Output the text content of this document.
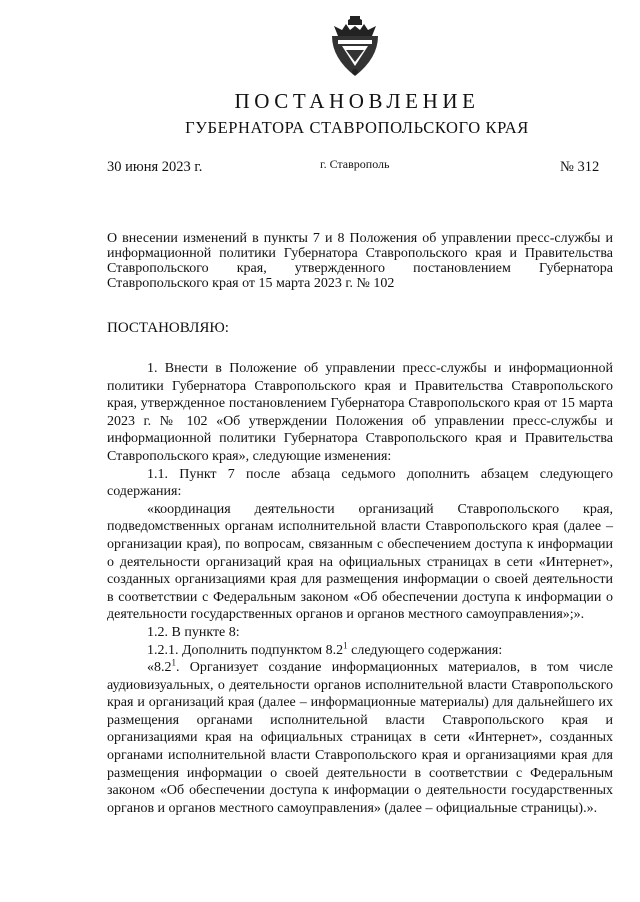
ПОСТАНОВЛЕНИЕ
ГУБЕРНАТОРА СТАВРОПОЛЬСКОГО КРАЯ
30 июня 2023 г.	г. Ставрополь	№ 312
О внесении изменений в пункты 7 и 8 Положения об управлении пресс-службы и информационной политики Губернатора Ставропольского края и Правительства Ставропольского края, утвержденного постановлением Губернатора Ставропольского края от 15 марта 2023 г. № 102
ПОСТАНОВЛЯЮ:

1. Внести в Положение об управлении пресс-службы и информационной политики Губернатора Ставропольского края и Правительства Ставропольского края, утвержденное постановлением Губернатора Ставропольского края от 15 марта 2023 г. № 102 «Об утверждении Положения об управлении пресс-службы и информационной политики Губернатора Ставропольского края и Правительства Ставропольского края», следующие изменения:

1.1. Пункт 7 после абзаца седьмого дополнить абзацем следующего содержания:

«координация деятельности организаций Ставропольского края, подведомственных органам исполнительной власти Ставропольского края (далее – организации края), по вопросам, связанным с обеспечением доступа к информации о деятельности организаций края на официальных страницах в сети «Интернет», созданных организациями края для размещения информации о своей деятельности в соответствии с Федеральным законом «Об обеспечении доступа к информации о деятельности государственных органов и органов местного самоуправления»;».

1.2. В пункте 8:

1.2.1. Дополнить подпунктом $8.2^1$ следующего содержания:

«$8.2^1$. Организует создание информационных материалов, в том числе аудиовизуальных, о деятельности органов исполнительной власти Ставропольского края и организаций края (далее – информационные материалы) для дальнейшего их размещения органами исполнительной власти Ставропольского края и организациями края на официальных страницах в сети «Интернет», созданных органами исполнительной власти Ставропольского края и организациями края для размещения информации о своей деятельности в соответствии с Федеральным законом «Об обеспечении доступа к информации о деятельности государственных органов и органов местного самоуправления» (далее – официальные страницы).».
